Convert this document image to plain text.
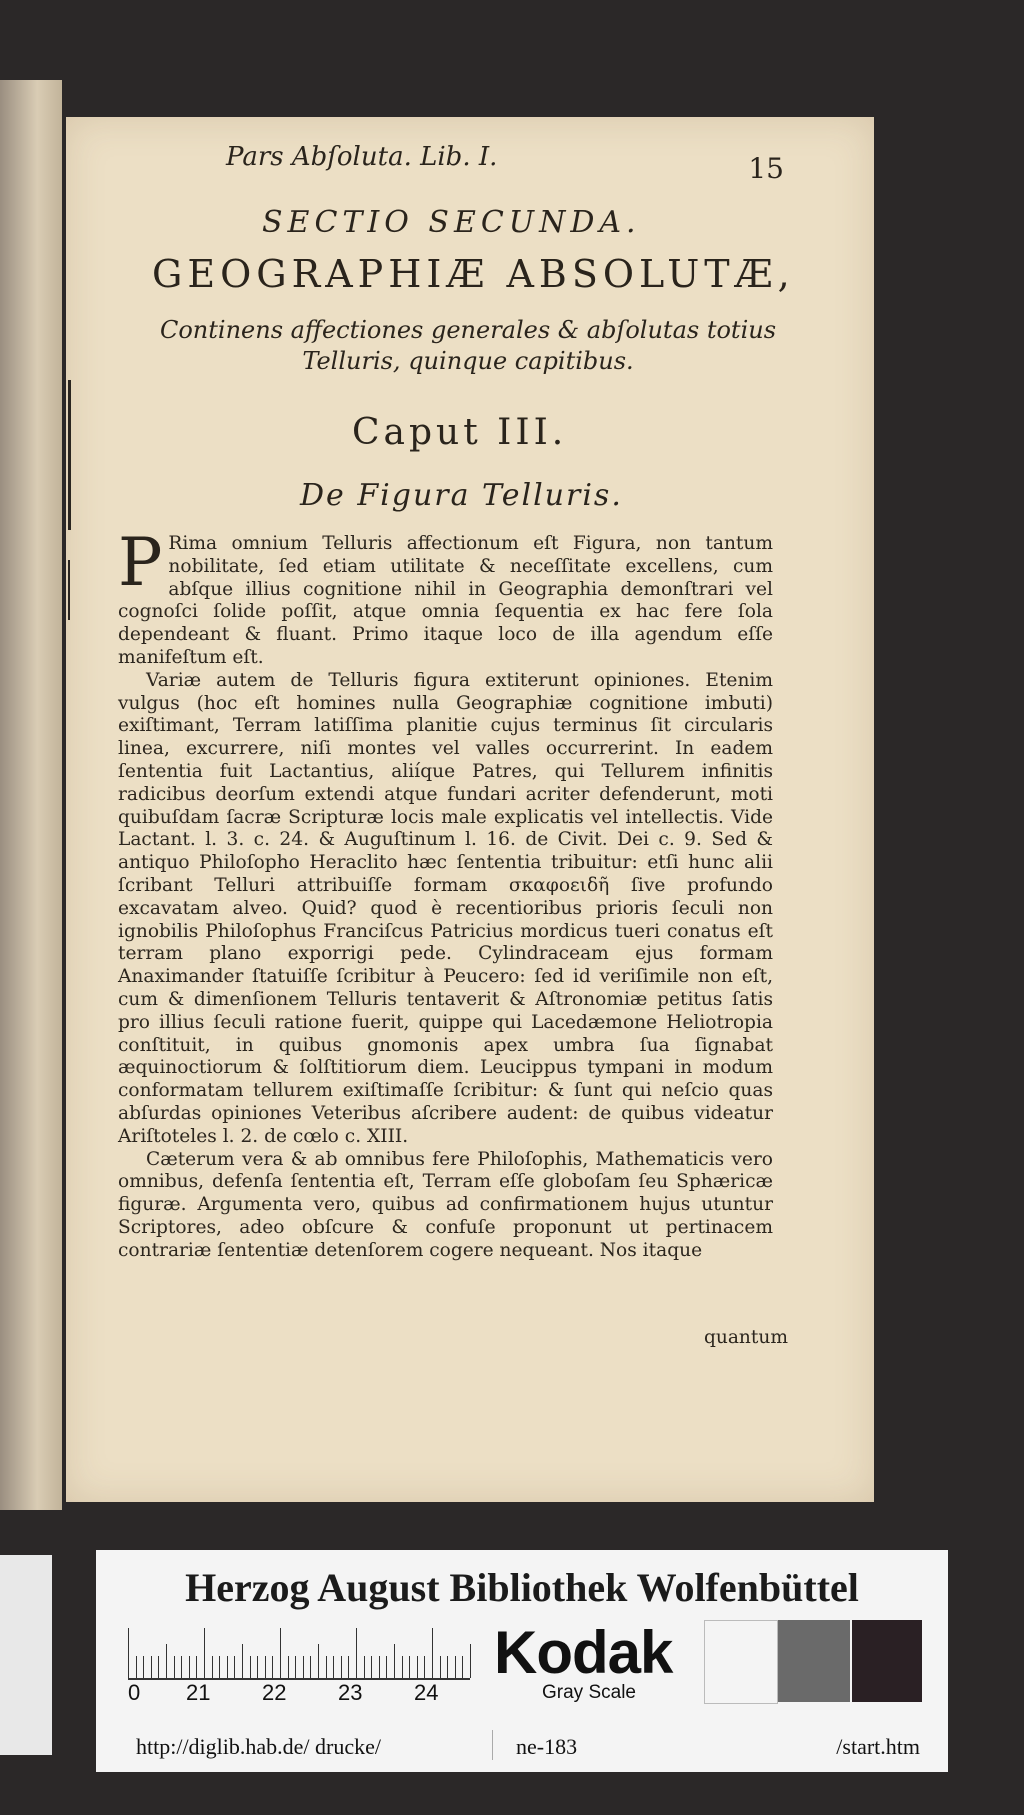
Pars Abſoluta. Lib. I.	15
SECTIO SECUNDA.
GEOGRAPHIÆ ABSOLUTÆ,
Continens affectiones generales & abſolutas totius Telluris, quinque capitibus.
Caput III.
De Figura Telluris.

P Rima omnium Telluris affectionum eſt Figura, non tantum nobilitate, ſed etiam utilitate & neceſſitate excellens, cum abſque illius cognitione nihil in Geographia demonſtrari vel cognoſci ſolide poſſit, atque omnia ſequentia ex hac fere ſola dependeant & fluant. Primo itaque loco de illa agendum eſſe manifeſtum eſt.

Variæ autem de Telluris figura extiterunt opiniones. Etenim vulgus (hoc eſt homines nulla Geographiæ cognitione imbuti) exiſtimant, Terram latiſſima planitie cujus terminus ſit circularis linea, excurrere, niſi montes vel valles occurrerint. In eadem ſententia fuit Lactantius, aliíque Patres, qui Tellurem infinitis radicibus deorſum extendi atque fundari acriter defenderunt, moti quibuſdam ſacræ Scripturæ locis male explicatis vel intellectis. Vide Lactant. l. 3. c. 24. & Auguſtinum l. 16. de Civit. Dei c. 9. Sed & antiquo Philoſopho Heraclito hæc ſententia tribuitur: etſi hunc alii ſcribant Telluri attribuiſſe formam σκαφοειδῆ ſive profundo excavatam alveo. Quid? quod è recentioribus prioris ſeculi non ignobilis Philoſophus Franciſcus Patricius mordicus tueri conatus eſt terram plano exporrigi pede. Cylindraceam ejus formam Anaximander ſtatuiſſe ſcribitur à Peucero: ſed id veriſimile non eſt, cum & dimenſionem Telluris tentaverit & Aſtronomiæ petitus ſatis pro illius ſeculi ratione fuerit, quippe qui Lacedæmone Heliotropia conſtituit, in quibus gnomonis apex umbra ſua ſignabat æquinoctiorum & ſolſtitiorum diem. Leucippus tympani in modum conformatam tellurem exiſtimaſſe ſcribitur: & ſunt qui neſcio quas abſurdas opiniones Veteribus aſcribere audent: de quibus videatur Ariſtoteles l. 2. de cœlo c. XIII.

Cæterum vera & ab omnibus fere Philoſophis, Mathematicis vero omnibus, defenſa ſententia eſt, Terram eſſe globoſam ſeu Sphæricæ figuræ. Argumenta vero, quibus ad confirmationem hujus utuntur Scriptores, adeo obſcure & confuſe proponunt ut pertinacem contrariæ ſententiæ detenſorem cogere nequeant. Nos itaque

quantum
Herzog August Bibliothek Wolfenbüttel
0 21 22 23 24
Kodak
Gray Scale
http://diglib.hab.de/ drucke/	ne-183	/start.htm
